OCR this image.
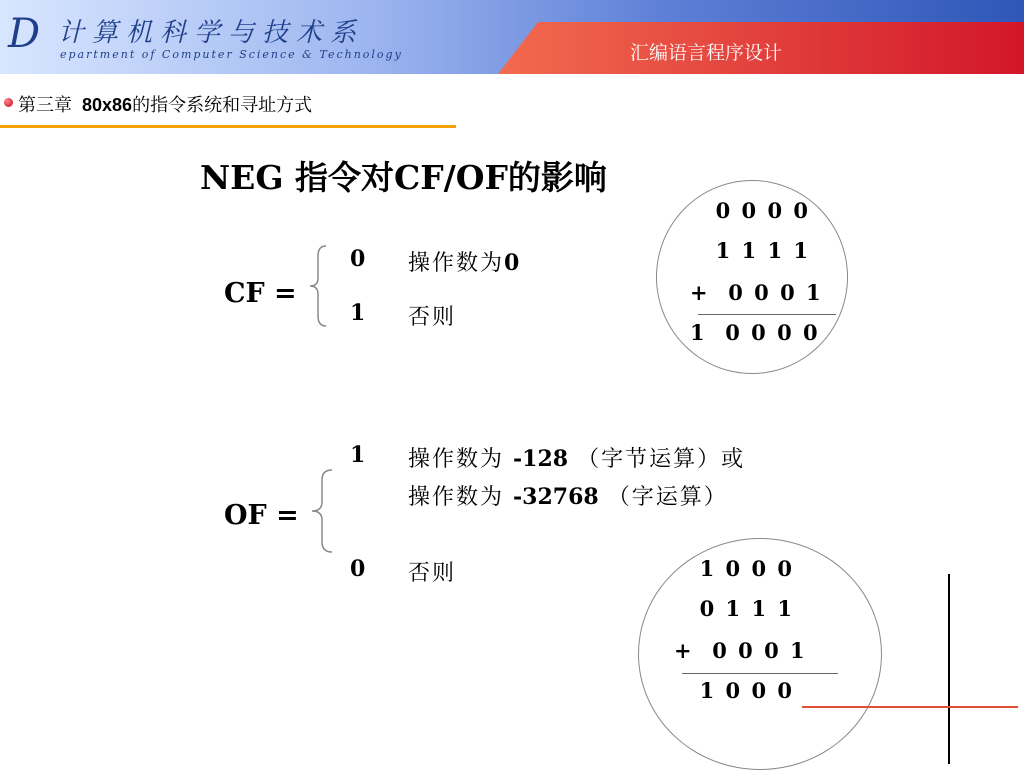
D 计算机科学与技术系
epartment of Computer Science & Technology	汇编语言程序设计
第三章 80x86的指令系统和寻址方式
NEG 指令对CF/OF的影响
CF =
0 操作数为0
1 否则
0 0 0 0
1 1 1 1
+  0 0 0 1
1  0 0 0 0
OF =
1 操作数为 -128 （字节运算）或
操作数为 -32768 （字运算）
0 否则	1 0 0 0
0 1 1 1
+  0 0 0 1
1 0 0 0
